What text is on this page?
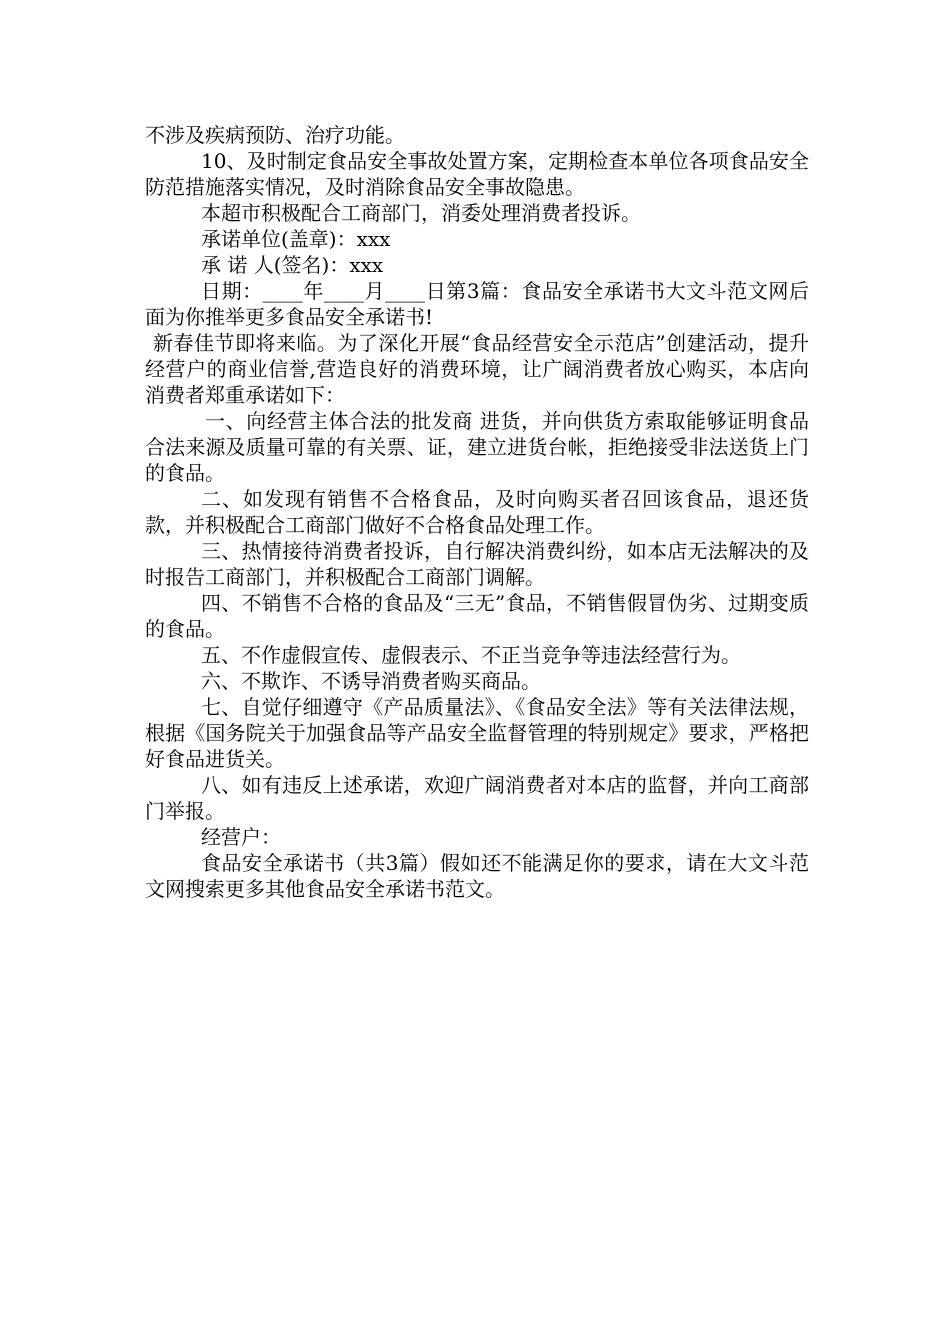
不涉及疾病预防、治疗功能。

10、及时制定食品安全事故处置方案，定期检查本单位各项食品安全防范措施落实情况，及时消除食品安全事故隐患。

本超市积极配合工商部门，消委处理消费者投诉。

承诺单位(盖章)：xxx

承 诺 人(签名)：xxx

日期：____年____月____日第3篇：食品安全承诺书大文斗范文网后面为你推举更多食品安全承诺书!

新春佳节即将来临。为了深化开展“食品经营安全示范店”创建活动，提升经营户的商业信誉,营造良好的消费环境，让广阔消费者放心购买，本店向消费者郑重承诺如下：

一、向经营主体合法的批发商 进货，并向供货方索取能够证明食品合法来源及质量可靠的有关票、证，建立进货台帐，拒绝接受非法送货上门的食品。

二、如发现有销售不合格食品，及时向购买者召回该食品，退还货款，并积极配合工商部门做好不合格食品处理工作。

三、热情接待消费者投诉，自行解决消费纠纷，如本店无法解决的及时报告工商部门，并积极配合工商部门调解。

四、不销售不合格的食品及“三无”食品，不销售假冒伪劣、过期变质的食品。

五、不作虚假宣传、虚假表示、不正当竞争等违法经营行为。

六、不欺诈、不诱导消费者购买商品。

七、自觉仔细遵守《产品质量法》、《食品安全法》等有关法律法规，根据《国务院关于加强食品等产品安全监督管理的特别规定》要求，严格把好食品进货关。

八、如有违反上述承诺，欢迎广阔消费者对本店的监督，并向工商部门举报。

经营户：

食品安全承诺书（共3篇）假如还不能满足你的要求，请在大文斗范文网搜索更多其他食品安全承诺书范文。
